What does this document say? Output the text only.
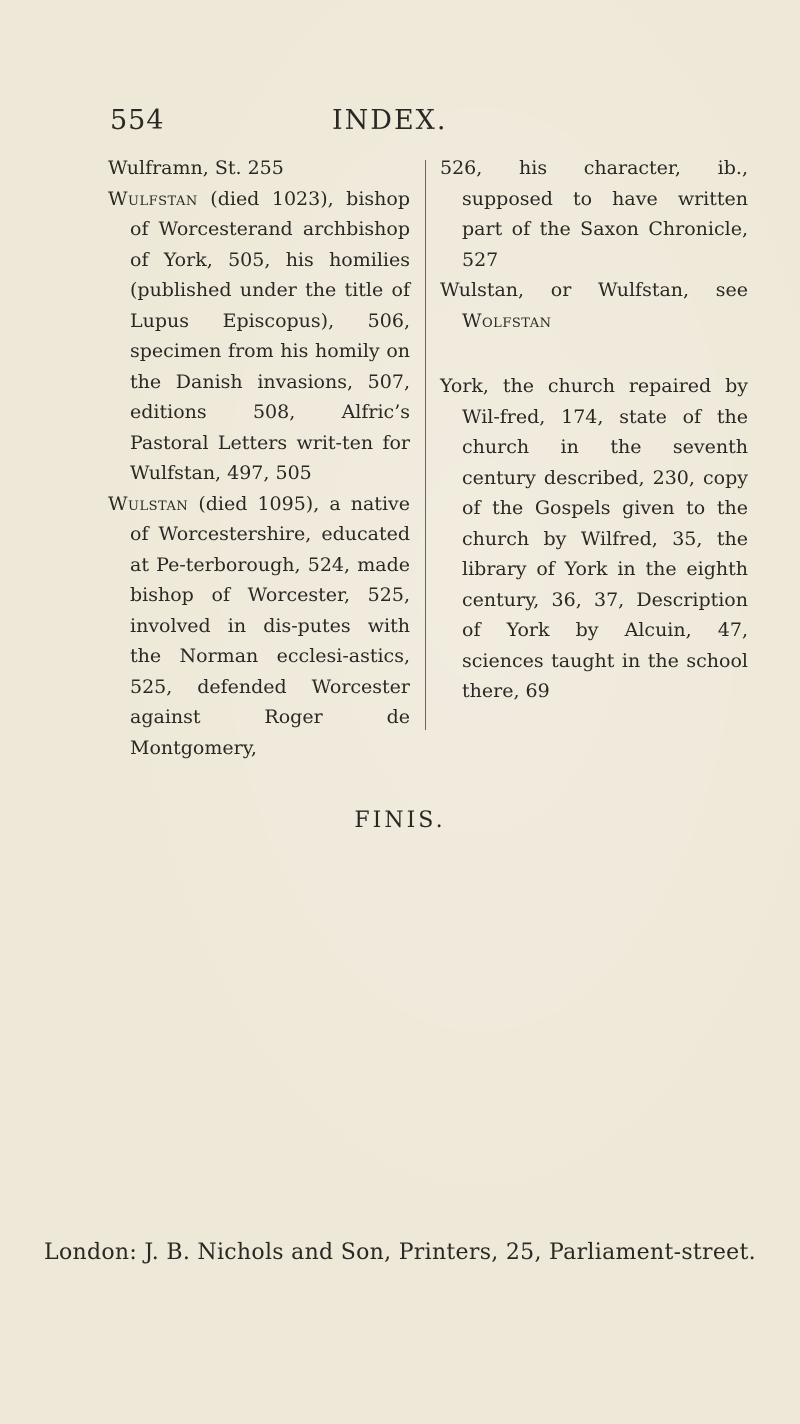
554	INDEX.

Wulframn, St. 255

Wulfstan (died 1023), bishop of Worcesterand archbishop of York, 505, his homilies (published under the title of Lupus Episcopus), 506, specimen from his homily on the Danish invasions, 507, editions 508, Alfric’s Pastoral Letters writ-ten for Wulfstan, 497, 505

Wulstan (died 1095), a native of Worcestershire, educated at Pe-terborough, 524, made bishop of Worcester, 525, involved in dis-putes with the Norman ecclesi-astics, 525, defended Worcester against Roger de Montgomery,

526, his character, ib., supposed to have written part of the Saxon Chronicle, 527

Wulstan, or Wulfstan, see Wolfstan

York, the church repaired by Wil-fred, 174, state of the church in the seventh century described, 230, copy of the Gospels given to the church by Wilfred, 35, the library of York in the eighth century, 36, 37, Description of York by Alcuin, 47, sciences taught in the school there, 69

FINIS.
London: J. B. Nichols and Son, Printers, 25, Parliament-street.
